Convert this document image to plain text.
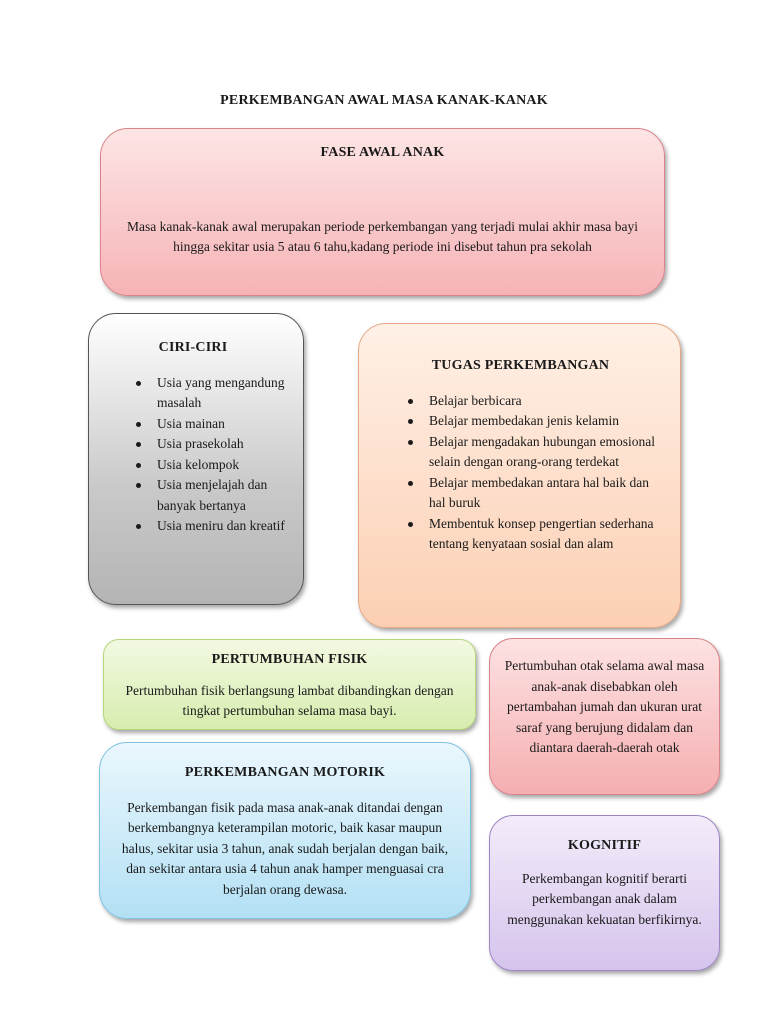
PERKEMBANGAN AWAL MASA KANAK-KANAK
FASE AWAL ANAK

Masa kanak-kanak awal merupakan periode perkembangan yang terjadi mulai akhir masa bayi hingga sekitar usia 5 atau 6 tahu,kadang periode ini disebut tahun pra sekolah

CIRI-CIRI
Usia yang mengandung masalah
Usia mainan
Usia prasekolah
Usia kelompok
Usia menjelajah dan banyak bertanya
Usia meniru dan kreatif
TUGAS PERKEMBANGAN
Belajar berbicara
Belajar membedakan jenis kelamin
Belajar mengadakan hubungan emosional selain dengan orang-orang terdekat
Belajar membedakan antara hal baik dan hal buruk
Membentuk konsep pengertian sederhana tentang kenyataan sosial dan alam
PERTUMBUHAN FISIK

Pertumbuhan fisik berlangsung lambat dibandingkan dengan tingkat pertumbuhan selama masa bayi.

Pertumbuhan otak selama awal masa anak-anak disebabkan oleh pertambahan jumah dan ukuran urat saraf yang berujung didalam dan diantara daerah-daerah otak

PERKEMBANGAN MOTORIK

Perkembangan fisik pada masa anak-anak ditandai dengan berkembangnya keterampilan motoric, baik kasar maupun halus, sekitar usia 3 tahun, anak sudah berjalan dengan baik, dan sekitar antara usia 4 tahun anak hamper menguasai cra berjalan orang dewasa.

KOGNITIF

Perkembangan kognitif berarti perkembangan anak dalam menggunakan kekuatan berfikirnya.
